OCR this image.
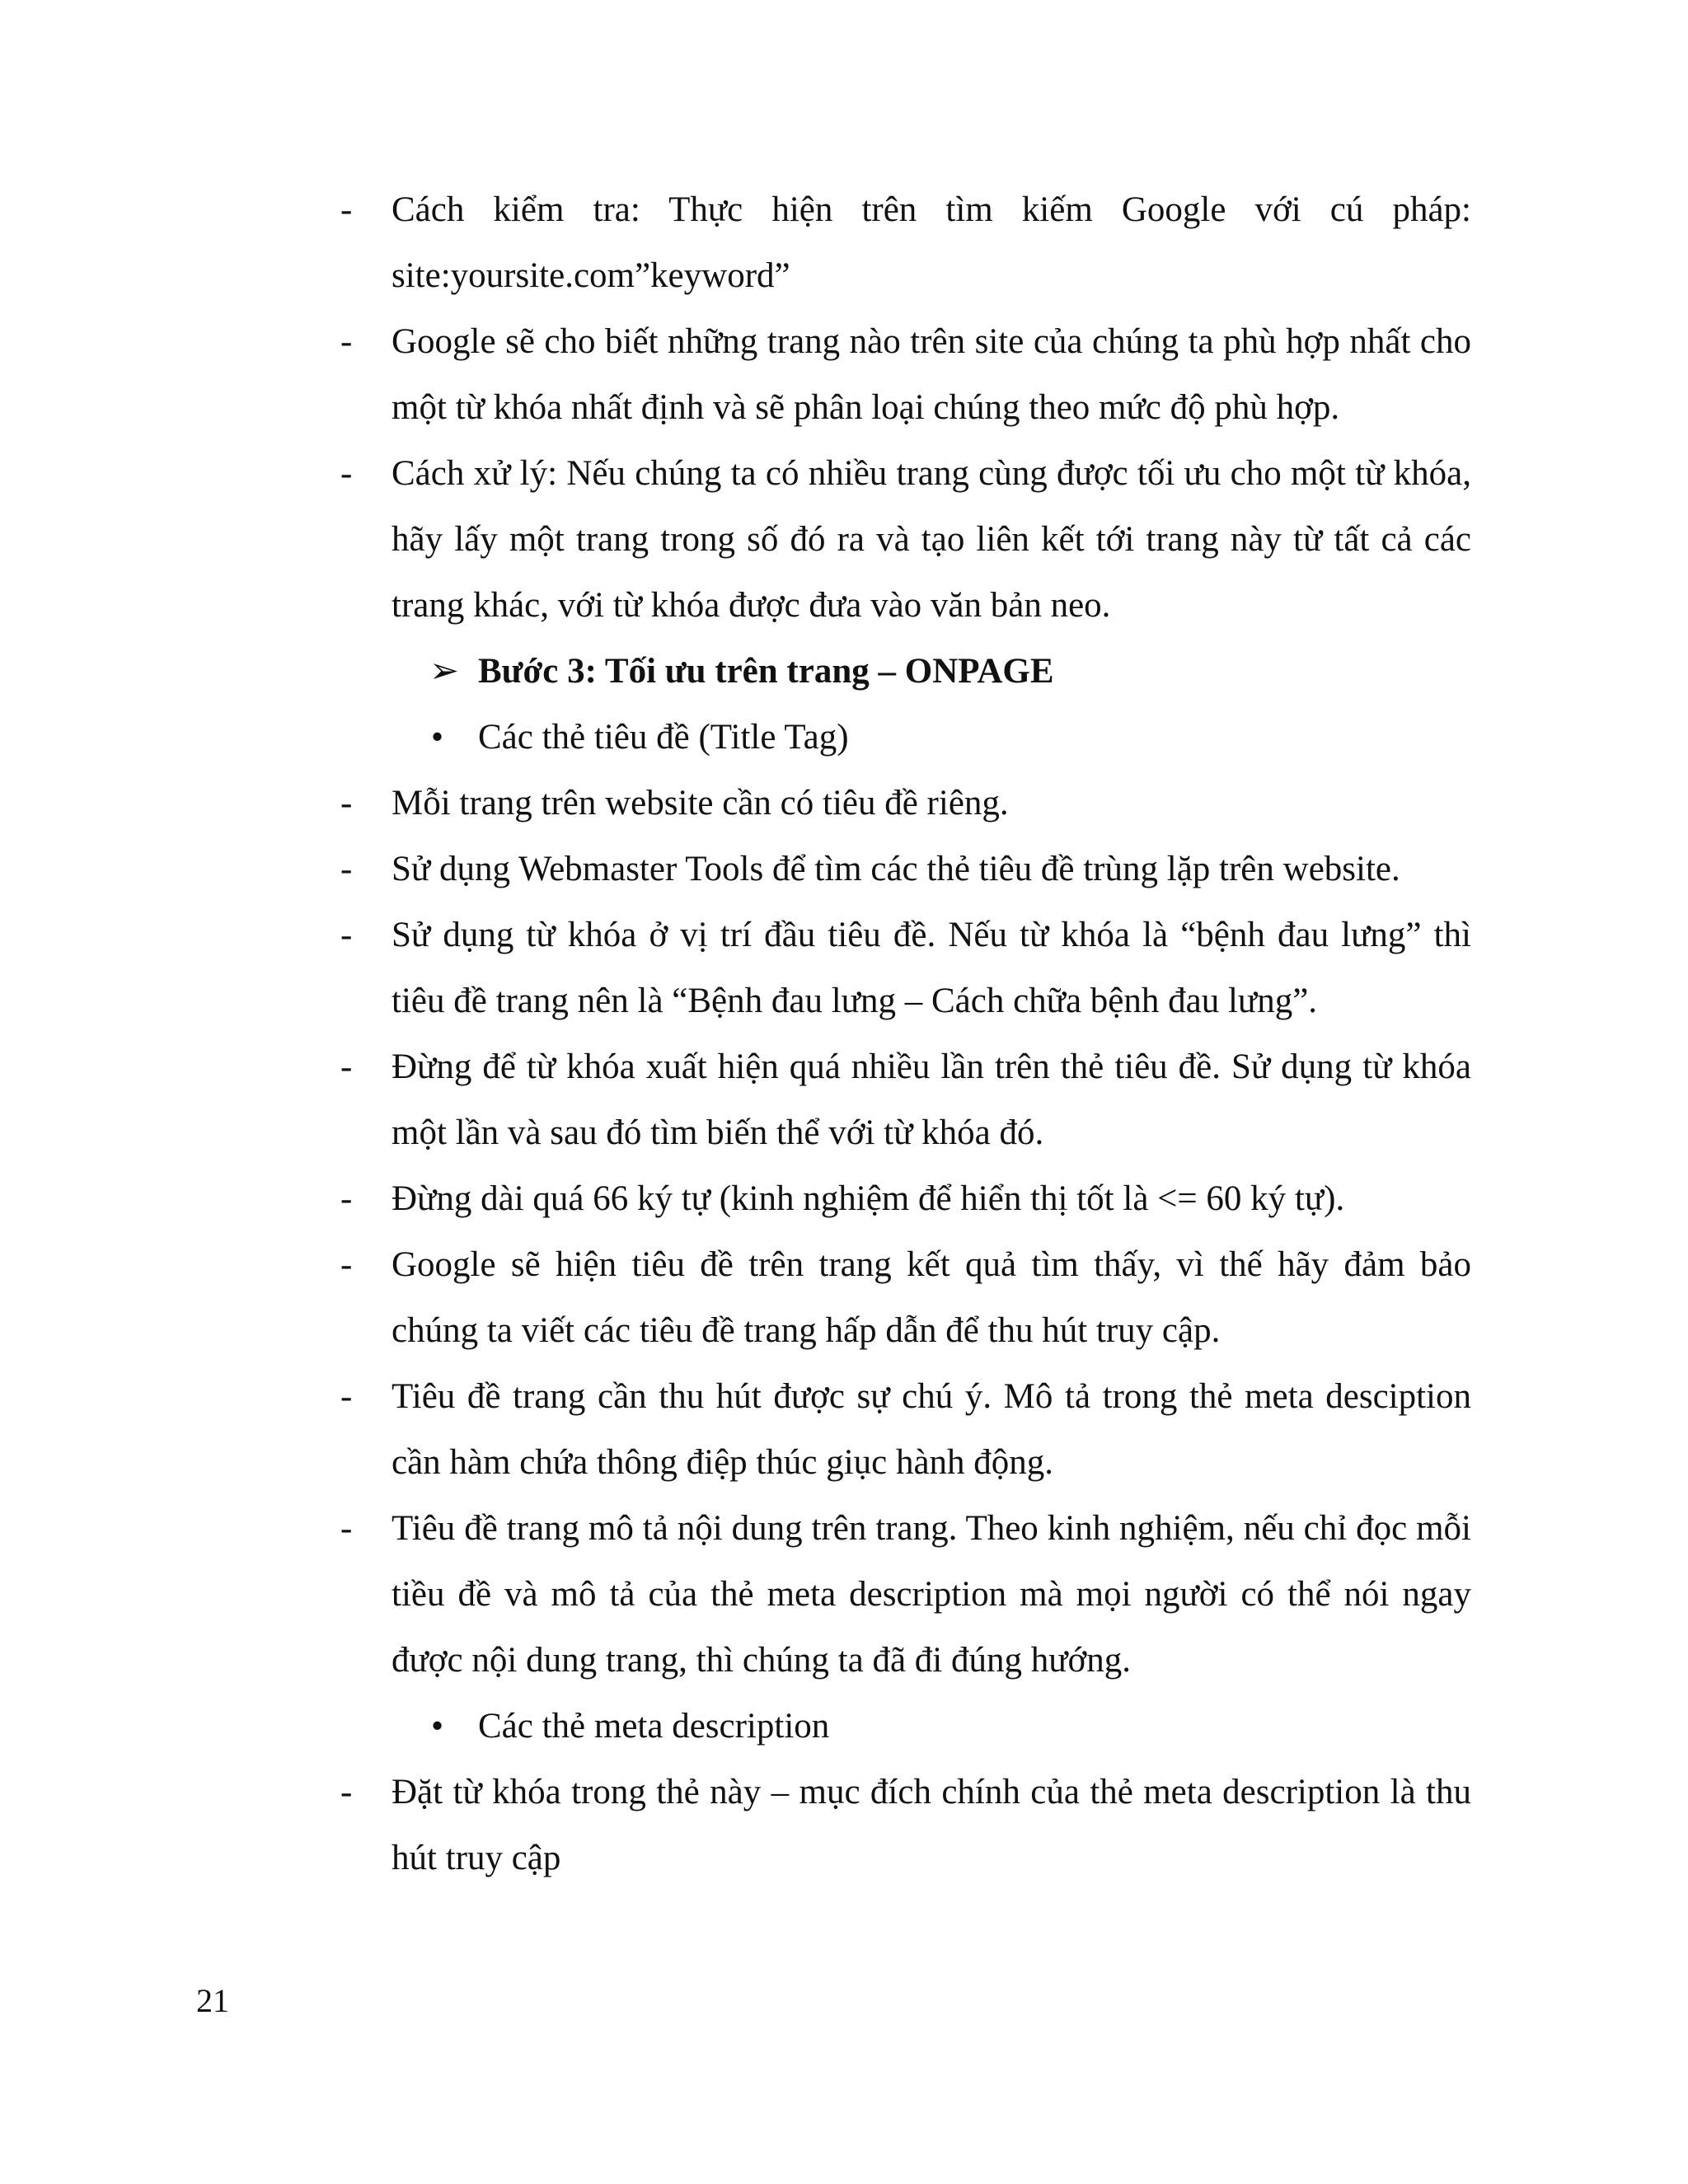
-	Cách kiểm tra: Thực hiện trên tìm kiếm Google với cú pháp: site:yoursite.com”keyword”
-	Google sẽ cho biết những trang nào trên site của chúng ta phù hợp nhất cho một từ khóa nhất định và sẽ phân loại chúng theo mức độ phù hợp.
-	Cách xử lý: Nếu chúng ta có nhiều trang cùng được tối ưu cho một từ khóa, hãy lấy một trang trong số đó ra và tạo liên kết tới trang này từ tất cả các trang khác, với từ khóa được đưa vào văn bản neo.
➢ Bước 3: Tối ưu trên trang – ONPAGE
• Các thẻ tiêu đề (Title Tag)
-	Mỗi trang trên website cần có tiêu đề riêng.
-	Sử dụng Webmaster Tools để tìm các thẻ tiêu đề trùng lặp trên website.
-	Sử dụng từ khóa ở vị trí đầu tiêu đề. Nếu từ khóa là “bệnh đau lưng” thì tiêu đề trang nên là “Bệnh đau lưng – Cách chữa bệnh đau lưng”.
-	Đừng để từ khóa xuất hiện quá nhiều lần trên thẻ tiêu đề. Sử dụng từ khóa một lần và sau đó tìm biến thể với từ khóa đó.
-	Đừng dài quá 66 ký tự (kinh nghiệm để hiển thị tốt là <= 60 ký tự).
-	Google sẽ hiện tiêu đề trên trang kết quả tìm thấy, vì thế hãy đảm bảo chúng ta viết các tiêu đề trang hấp dẫn để thu hút truy cập.
-	Tiêu đề trang cần thu hút được sự chú ý. Mô tả trong thẻ meta desciption cần hàm chứa thông điệp thúc giục hành động.
-	Tiêu đề trang mô tả nội dung trên trang. Theo kinh nghiệm, nếu chỉ đọc mỗi tiều đề và mô tả của thẻ meta description mà mọi người có thể nói ngay được nội dung trang, thì chúng ta đã đi đúng hướng.
• Các thẻ meta description
-	Đặt từ khóa trong thẻ này – mục đích chính của thẻ meta description là thu hút truy cập
21
